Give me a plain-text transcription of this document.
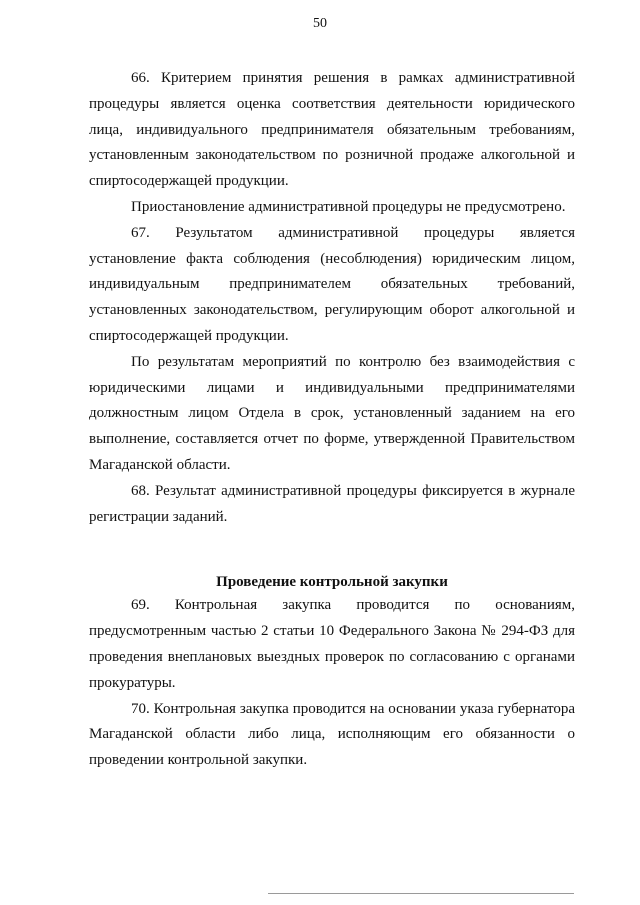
50

66. Критерием принятия решения в рамках административной процедуры является оценка соответствия деятельности юридического лица, индивидуального предпринимателя обязательным требованиям, установленным законодательством по розничной продаже алкогольной и спиртосодержащей продукции.

Приостановление административной процедуры не предусмотрено.

67. Результатом административной процедуры является установление факта соблюдения (несоблюдения) юридическим лицом, индивидуальным предпринимателем обязательных требований, установленных законодательством, регулирующим оборот алкогольной и спиртосодержащей продукции.

По результатам мероприятий по контролю без взаимодействия с юридическими лицами и индивидуальными предпринимателями должностным лицом Отдела в срок, установленный заданием на его выполнение, составляется отчет по форме, утвержденной Правительством Магаданской области.

68. Результат административной процедуры фиксируется в журнале регистрации заданий.

Проведение контрольной закупки

69. Контрольная закупка проводится по основаниям, предусмотренным частью 2 статьи 10 Федерального Закона № 294-ФЗ для проведения внеплановых выездных проверок по согласованию с органами прокуратуры.

70. Контрольная закупка проводится на основании указа губернатора Магаданской области либо лица, исполняющим его обязанности о проведении контрольной закупки.
